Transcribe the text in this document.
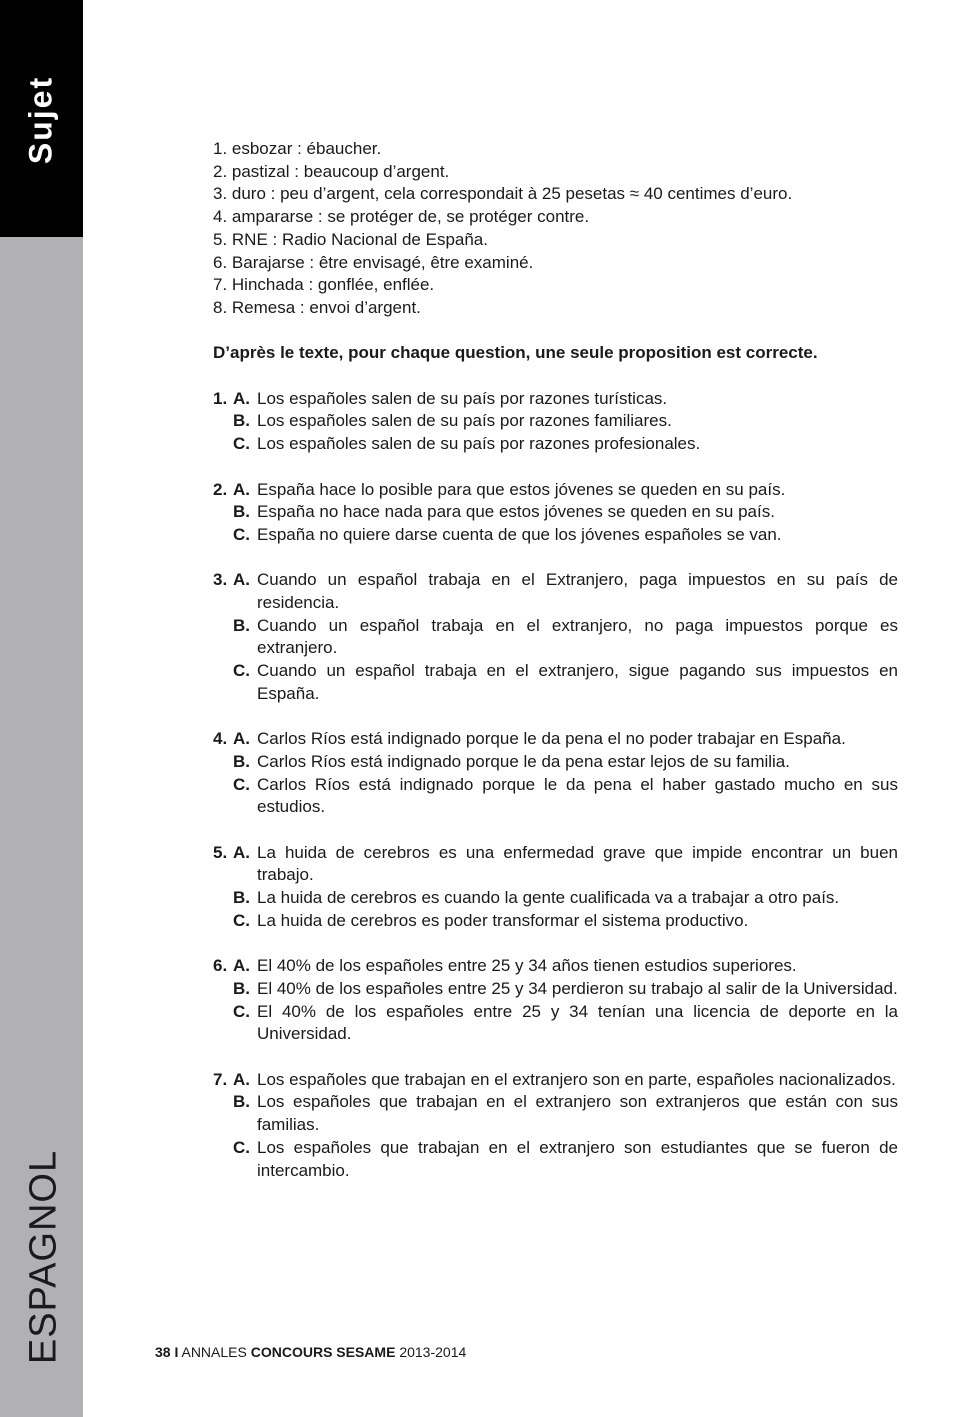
Sujet
ESPAGNOL
1. esbozar : ébaucher.
2. pastizal : beaucoup d’argent.
3. duro : peu d’argent, cela correspondait à 25 pesetas ≈ 40 centimes d’euro.
4. ampararse : se protéger de, se protéger contre.
5. RNE : Radio Nacional de España.
6. Barajarse : être envisagé, être examiné.
7. Hinchada : gonflée, enflée.
8. Remesa : envoi d’argent.
D’après le texte, pour chaque question, une seule proposition est correcte.
1. A. Los españoles salen de su país por razones turísticas.
B. Los españoles salen de su país por razones familiares.
C. Los españoles salen de su país por razones profesionales.
2. A. España hace lo posible para que estos jóvenes se queden en su país.
B. España no hace nada para que estos jóvenes se queden en su país.
C. España no quiere darse cuenta de que los jóvenes españoles se van.
3. A. Cuando un español trabaja en el Extranjero, paga impuestos en su país de residencia.
B. Cuando un español trabaja en el extranjero, no paga impuestos porque es extranjero.
C. Cuando un español trabaja en el extranjero, sigue pagando sus impuestos en España.
4. A. Carlos Ríos está indignado porque le da pena el no poder trabajar en España.
B. Carlos Ríos está indignado porque le da pena estar lejos de su familia.
C. Carlos Ríos está indignado porque le da pena el haber gastado mucho en sus estudios.
5. A. La huida de cerebros es una enfermedad grave que impide encontrar un buen trabajo.
B. La huida de cerebros es cuando la gente cualificada va a trabajar a otro país.
C. La huida de cerebros es poder transformar el sistema productivo.
6. A. El 40% de los españoles entre 25 y 34 años tienen estudios superiores.
B. El 40% de los españoles entre 25 y 34 perdieron su trabajo al salir de la Universidad.
C. El 40% de los españoles entre 25 y 34 tenían una licencia de deporte en la Universidad.
7. A. Los españoles que trabajan en el extranjero son en parte, españoles nacionalizados.
B. Los españoles que trabajan en el extranjero son extranjeros que están con sus familias.
C. Los españoles que trabajan en el extranjero son estudiantes que se fueron de intercambio.
38 I ANNALES CONCOURS SESAME 2013-2014
